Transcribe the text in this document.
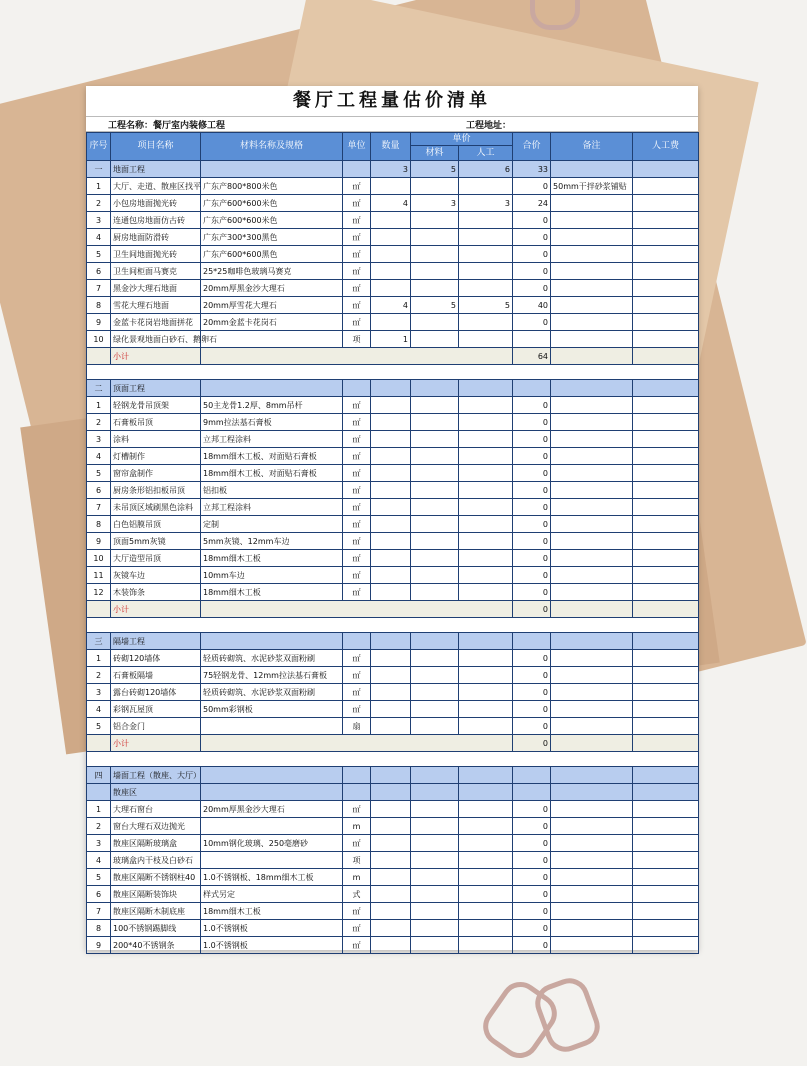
餐厅工程量估价清单
工程名称：餐厅室内装修工程	工程地址：
序号	项目名称	材料名称及规格	单位	数量	单价		合价	备注	人工费
					材料	人工			
一	地面工程			3	5	6	33		
1	大厅、走道、散座区找平	广东产800*800米色	㎡				0	50mm干拌砂浆铺贴	
2	小包房地面抛光砖	广东产600*600米色	㎡	4	3	3	24		
3	连通包房地面仿古砖	广东产600*600米色	㎡				0		
4	厨房地面防滑砖	广东产300*300黑色	㎡				0		
5	卫生间地面抛光砖	广东产600*600黑色	㎡				0		
6	卫生间柜面马赛克	25*25咖啡色玻璃马赛克	㎡				0		
7	黑金沙大理石地面	20mm厚黑金沙大理石	㎡				0		
8	雪花大理石地面	20mm厚雪花大理石	㎡	4	5	5	40		
9	金蓝卡花岗岩地面拼花	20mm金蓝卡花岗石	㎡				0		
10	绿化景观地面白砂石、鹅卵石		项	1					
	小计						64		

二	顶面工程								
1	轻钢龙骨吊顶架	50主龙骨1.2厚、8mm吊杆	㎡				0		
2	石膏板吊顶	9mm拉法基石膏板	㎡				0		
3	涂料	立邦工程涂料	㎡				0		
4	灯槽制作	18mm细木工板、对面贴石膏板	㎡				0		
5	窗帘盒制作	18mm细木工板、对面贴石膏板	㎡				0		
6	厨房条形铝扣板吊顶	铝扣板	㎡				0		
7	未吊顶区域刷黑色涂料	立邦工程涂料	㎡				0		
8	白色铝膜吊顶	定制	㎡				0		
9	顶面5mm灰镜	5mm灰镜、12mm车边	㎡				0		
10	大厅造型吊顶	18mm细木工板	㎡				0		
11	灰镜车边	10mm车边	㎡				0		
12	木装饰条	18mm细木工板	㎡				0		
	小计						0		

三	隔墙工程								
1	砖砌120墙体	轻质砖砌筑、水泥砂浆双面粉刷	㎡				0		
2	石膏板隔墙	75轻钢龙骨、12mm拉法基石膏板	㎡				0		
3	露台砖砌120墙体	轻质砖砌筑、水泥砂浆双面粉刷	㎡				0		
4	彩钢瓦屋顶	50mm彩钢板	㎡				0		
5	铝合金门		扇				0		
	小计						0		

四	墙面工程（散座、大厅）								
	散座区								
1	大理石窗台	20mm厚黑金沙大理石	㎡				0		
2	窗台大理石双边抛光		m				0		
3	散座区隔断玻璃盒	10mm钢化玻璃、250毫磨砂	㎡				0		
4	玻璃盒内干枝及白砂石		项				0		
5	散座区隔断不锈钢柱40	1.0不锈钢板、18mm细木工板	m				0		
6	散座区隔断装饰块	样式另定	式				0		
7	散座区隔断木制底座	18mm细木工板	㎡				0		
8	100不锈钢踢脚线	1.0不锈钢板	㎡				0		
9	200*40不锈钢条	1.0不锈钢板	㎡				0		
